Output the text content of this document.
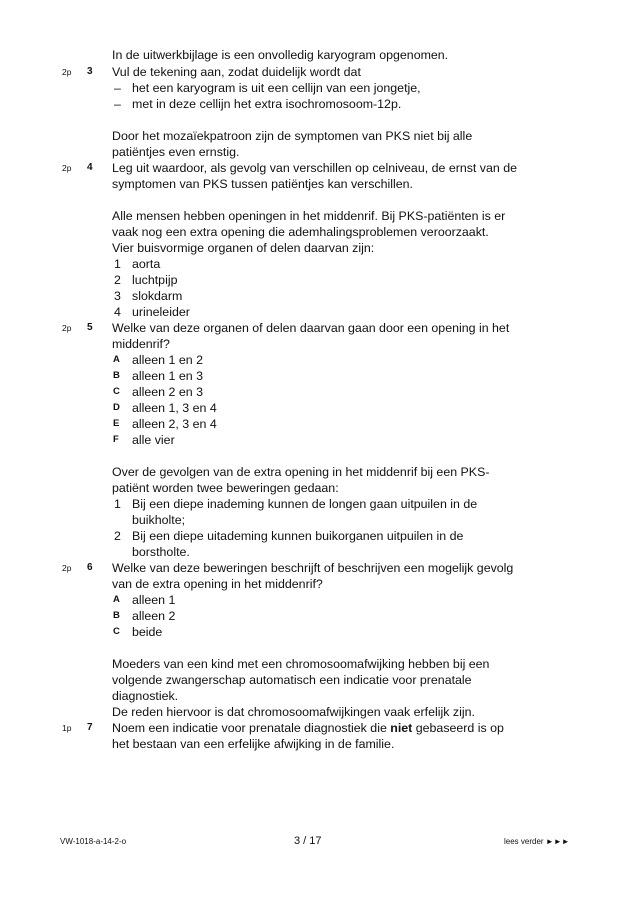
In de uitwerkbijlage is een onvolledig karyogram opgenomen.
2p 3 Vul de tekening aan, zodat duidelijk wordt dat
– het een karyogram is uit een cellijn van een jongetje,
– met in deze cellijn het extra isochromosoom-12p.
Door het mozaïekpatroon zijn de symptomen van PKS niet bij alle
patiëntjes even ernstig.
2p 4 Leg uit waardoor, als gevolg van verschillen op celniveau, de ernst van de
symptomen van PKS tussen patiëntjes kan verschillen.
Alle mensen hebben openingen in het middenrif. Bij PKS-patiënten is er
vaak nog een extra opening die ademhalingsproblemen veroorzaakt.
Vier buisvormige organen of delen daarvan zijn:
1 aorta
2 luchtpijp
3 slokdarm
4 urineleider
2p 5 Welke van deze organen of delen daarvan gaan door een opening in het
middenrif?
A alleen 1 en 2
B alleen 1 en 3
C alleen 2 en 3
D alleen 1, 3 en 4
E alleen 2, 3 en 4
F alle vier
Over de gevolgen van de extra opening in het middenrif bij een PKS-
patiënt worden twee beweringen gedaan:
1 Bij een diepe inademing kunnen de longen gaan uitpuilen in de
buikholte;
2 Bij een diepe uitademing kunnen buikorganen uitpuilen in de
borstholte.
2p 6 Welke van deze beweringen beschrijft of beschrijven een mogelijk gevolg
van de extra opening in het middenrif?
A alleen 1
B alleen 2
C beide
Moeders van een kind met een chromosoomafwijking hebben bij een
volgende zwangerschap automatisch een indicatie voor prenatale
diagnostiek.
De reden hiervoor is dat chromosoomafwijkingen vaak erfelijk zijn.
1p 7 Noem een indicatie voor prenatale diagnostiek die niet gebaseerd is op
het bestaan van een erfelijke afwijking in de familie.
VW-1018-a-14-2-o	3 / 17	lees verder ►►►
